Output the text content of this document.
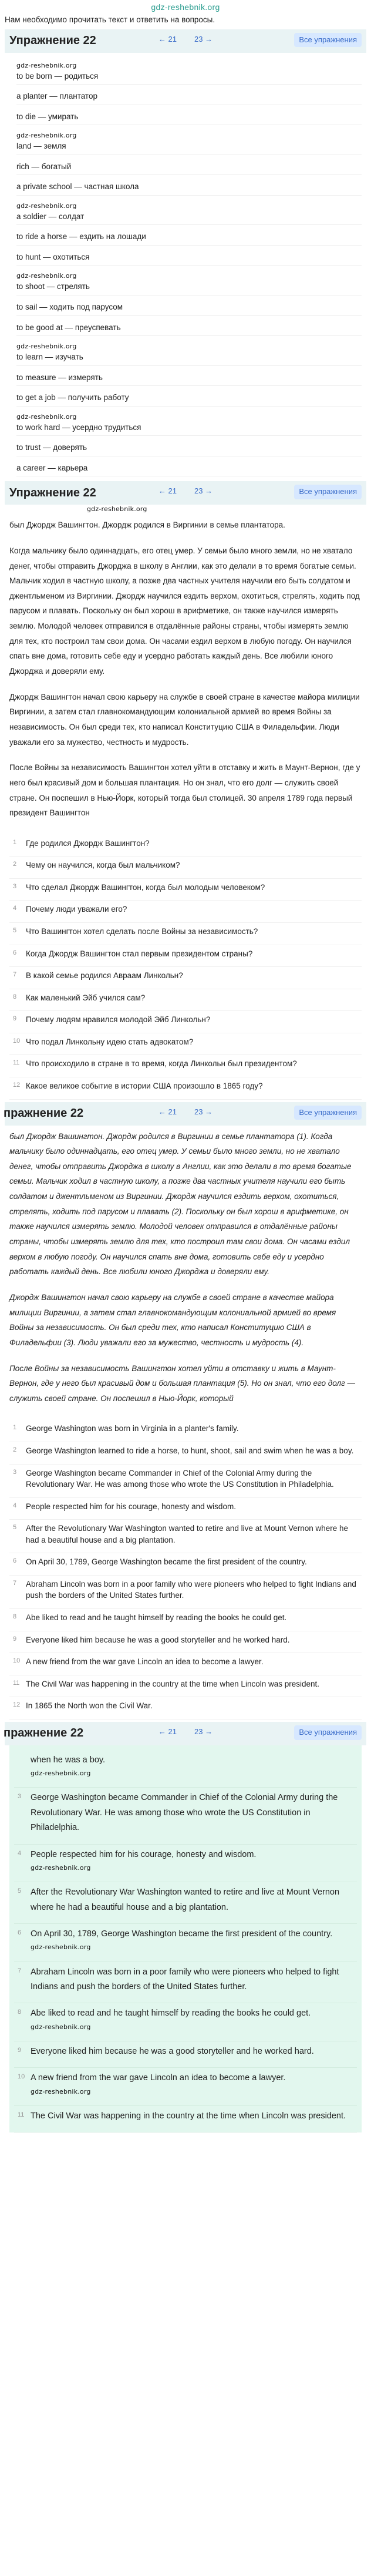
gdz-reshebnik.org
Нам необходимо прочитать текст и ответить на вопросы.
Упражнение 22	← 21	23 →	Все упражнения
gdz-reshebnik.org
to be born — родиться
a planter — плантатор
to die — умирать
gdz-reshebnik.org
land — земля
rich — богатый
a private school — частная школа
gdz-reshebnik.org
a soldier — солдат
to ride a horse — ездить на лошади
to hunt — охотиться
gdz-reshebnik.org
to shoot — стрелять
to sail — ходить под парусом
to be good at — преуспевать
gdz-reshebnik.org
to learn — изучать
to measure — измерять
to get a job — получить работу
gdz-reshebnik.org
to work hard — усердно трудиться
to trust — доверять
a career — карьера
Упражнение 22	← 21	23 →	Все упражнения
gdz-reshebnik.org

был Джордж Вашингтон. Джордж родился в Виргинии в семье плантатора.

Когда мальчику было одиннадцать, его отец умер. У семьи было много земли, но не хватало денег, чтобы отправить Джорджа в школу в Англии, как это делали в то время богатые семьи. Мальчик ходил в частную школу, а позже два частных учителя научили его быть солдатом и джентльменом из Виргинии. Джордж научился ездить верхом, охотиться, стрелять, ходить под парусом и плавать. Поскольку он был хорош в арифметике, он также научился измерять землю. Молодой человек отправился в отдалённые районы страны, чтобы измерять землю для тех, кто построил там свои дома. Он часами ездил верхом в любую погоду. Он научился спать вне дома, готовить себе еду и усердно работать каждый день. Все любили юного Джорджа и доверяли ему.

Джордж Вашингтон начал свою карьеру на службе в своей стране в качестве майора милиции Виргинии, а затем стал главнокомандующим колониальной армией во время Войны за независимость. Он был среди тех, кто написал Конституцию США в Филадельфии. Люди уважали его за мужество, честность и мудрость.

После Войны за независимость Вашингтон хотел уйти в отставку и жить в Маунт-Вернон, где у него был красивый дом и большая плантация. Но он знал, что его долг — служить своей стране. Он поспешил в Нью-Йорк, который тогда был столицей. 30 апреля 1789 года первый президент Вашингтон

1 Где родился Джордж Вашингтон?
2 Чему он научился, когда был мальчиком?
3 Что сделал Джордж Вашингтон, когда был молодым человеком?
4 Почему люди уважали его?
5 Что Вашингтон хотел сделать после Войны за независимость?
6 Когда Джордж Вашингтон стал первым президентом страны?
7 В какой семье родился Авраам Линкольн?
8 Как маленький Эйб учился сам?
9 Почему людям нравился молодой Эйб Линкольн?
10 Что подал Линкольну идею стать адвокатом?
11 Что происходило в стране в то время, когда Линкольн был президентом?
12 Какое великое событие в истории США произошло в 1865 году?
пражнение 22	← 21	23 →	Все упражнения

был Джордж Вашингтон. Джордж родился в Виргинии в семье плантатора (1). Когда мальчику было одиннадцать, его отец умер. У семьи было много земли, но не хватало денег, чтобы отправить Джорджа в школу в Англии, как это делали в то время богатые семьи. Мальчик ходил в частную школу, а позже два частных учителя научили его быть солдатом и джентльменом из Виргинии. Джордж научился ездить верхом, охотиться, стрелять, ходить под парусом и плавать (2). Поскольку он был хорош в арифметике, он также научился измерять землю. Молодой человек отправился в отдалённые районы страны, чтобы измерять землю для тех, кто построил там свои дома. Он часами ездил верхом в любую погоду. Он научился спать вне дома, готовить себе еду и усердно работать каждый день. Все любили юного Джорджа и доверяли ему.

Джордж Вашингтон начал свою карьеру на службе в своей стране в качестве майора милиции Виргинии, а затем стал главнокомандующим колониальной армией во время Войны за независимость. Он был среди тех, кто написал Конституцию США в Филадельфии (3). Люди уважали его за мужество, честность и мудрость (4).

После Войны за независимость Вашингтон хотел уйти в отставку и жить в Маунт-Вернон, где у него был красивый дом и большая плантация (5). Но он знал, что его долг — служить своей стране. Он поспешил в Нью-Йорк, который

1 George Washington was born in Virginia in a planter's family.
2 George Washington learned to ride a horse, to hunt, shoot, sail and swim when he was a boy.
3 George Washington became Commander in Chief of the Colonial Army during the Revolutionary War. He was among those who wrote the US Constitution in Philadelphia.
4 People respected him for his courage, honesty and wisdom.
5 After the Revolutionary War Washington wanted to retire and live at Mount Vernon where he had a beautiful house and a big plantation.
6 On April 30, 1789, George Washington became the first president of the country.
7 Abraham Lincoln was born in a poor family who were pioneers who helped to fight Indians and push the borders of the United States further.
8 Abe liked to read and he taught himself by reading the books he could get.
9 Everyone liked him because he was a good storyteller and he worked hard.
10 A new friend from the war gave Lincoln an idea to become a lawyer.
11 The Civil War was happening in the country at the time when Lincoln was president.
12 In 1865 the North won the Civil War.
пражнение 22	← 21	23 →	Все упражнения
when he was a boy.
gdz-reshebnik.org
3 George Washington became Commander in Chief of the Colonial Army during the Revolutionary War. He was among those who wrote the US Constitution in Philadelphia.
4 People respected him for his courage, honesty and wisdom.
gdz-reshebnik.org
5 After the Revolutionary War Washington wanted to retire and live at Mount Vernon where he had a beautiful house and a big plantation.
6 On April 30, 1789, George Washington became the first president of the country.
gdz-reshebnik.org
7 Abraham Lincoln was born in a poor family who were pioneers who helped to fight Indians and push the borders of the United States further.
8 Abe liked to read and he taught himself by reading the books he could get.
gdz-reshebnik.org
9 Everyone liked him because he was a good storyteller and he worked hard.
10 A new friend from the war gave Lincoln an idea to become a lawyer.
gdz-reshebnik.org
11 The Civil War was happening in the country at the time when Lincoln was president.
